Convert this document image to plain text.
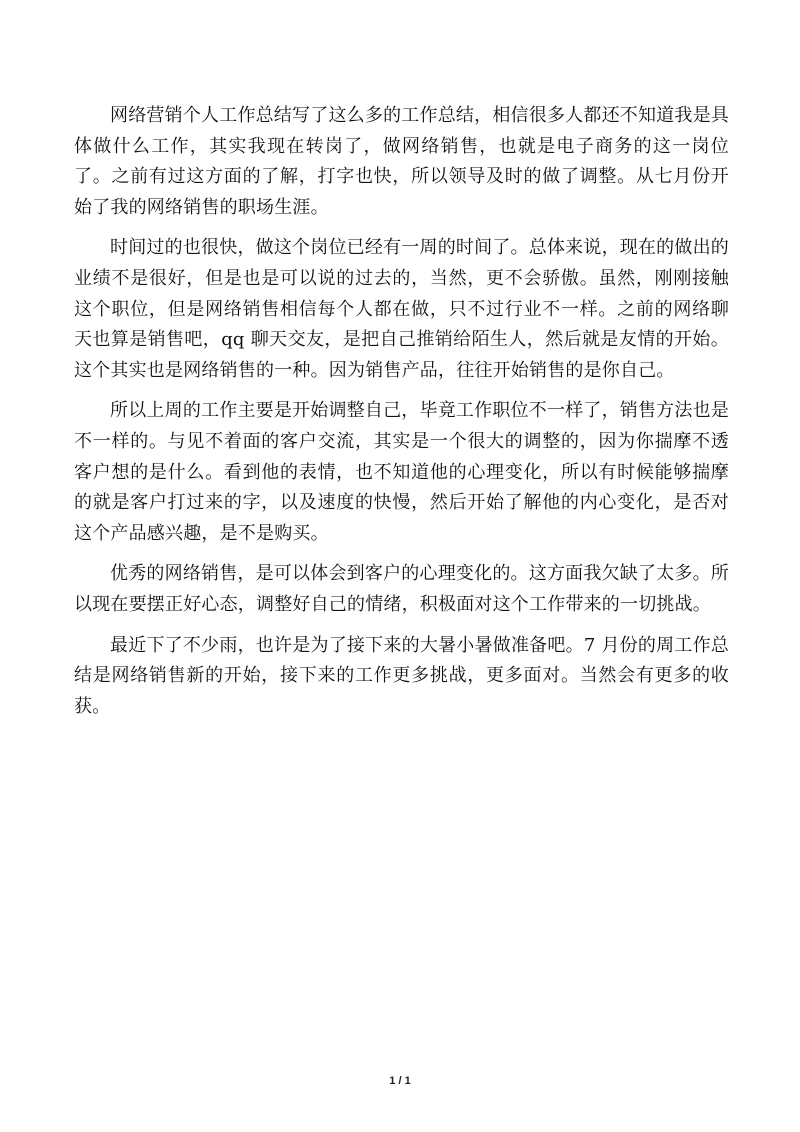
网络营销个人工作总结写了这么多的工作总结，相信很多人都还不知道我是具体做什么工作，其实我现在转岗了，做网络销售，也就是电子商务的这一岗位了。之前有过这方面的了解，打字也快，所以领导及时的做了调整。从七月份开始了我的网络销售的职场生涯。

时间过的也很快，做这个岗位已经有一周的时间了。总体来说，现在的做出的业绩不是很好，但是也是可以说的过去的，当然，更不会骄傲。虽然，刚刚接触这个职位，但是网络销售相信每个人都在做，只不过行业不一样。之前的网络聊天也算是销售吧，qq 聊天交友，是把自己推销给陌生人，然后就是友情的开始。这个其实也是网络销售的一种。因为销售产品，往往开始销售的是你自己。

所以上周的工作主要是开始调整自己，毕竟工作职位不一样了，销售方法也是不一样的。与见不着面的客户交流，其实是一个很大的调整的，因为你揣摩不透客户想的是什么。看到他的表情，也不知道他的心理变化，所以有时候能够揣摩的就是客户打过来的字，以及速度的快慢，然后开始了解他的内心变化，是否对这个产品感兴趣，是不是购买。

优秀的网络销售，是可以体会到客户的心理变化的。这方面我欠缺了太多。所以现在要摆正好心态，调整好自己的情绪，积极面对这个工作带来的一切挑战。

最近下了不少雨，也许是为了接下来的大暑小暑做准备吧。7 月份的周工作总结是网络销售新的开始，接下来的工作更多挑战，更多面对。当然会有更多的收获。

1 / 1
